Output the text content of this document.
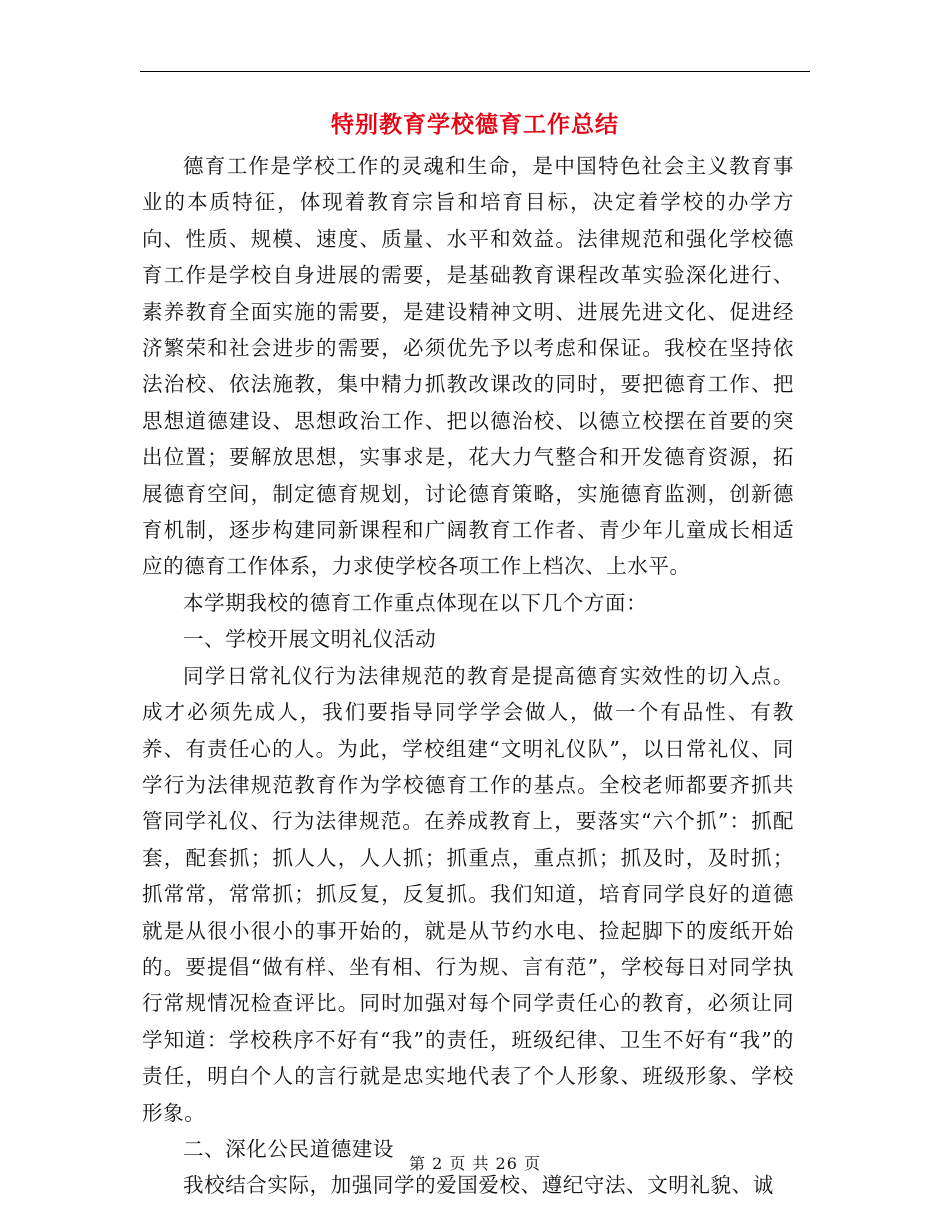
特别教育学校德育工作总结

德育工作是学校工作的灵魂和生命，是中国特色社会主义教育事业的本质特征，体现着教育宗旨和培育目标，决定着学校的办学方向、性质、规模、速度、质量、水平和效益。法律规范和强化学校德育工作是学校自身进展的需要，是基础教育课程改革实验深化进行、素养教育全面实施的需要，是建设精神文明、进展先进文化、促进经济繁荣和社会进步的需要，必须优先予以考虑和保证。我校在坚持依法治校、依法施教，集中精力抓教改课改的同时，要把德育工作、把思想道德建设、思想政治工作、把以德治校、以德立校摆在首要的突出位置；要解放思想，实事求是，花大力气整合和开发德育资源，拓展德育空间，制定德育规划，讨论德育策略，实施德育监测，创新德育机制，逐步构建同新课程和广阔教育工作者、青少年儿童成长相适应的德育工作体系，力求使学校各项工作上档次、上水平。

本学期我校的德育工作重点体现在以下几个方面：

一、学校开展文明礼仪活动

同学日常礼仪行为法律规范的教育是提高德育实效性的切入点。成才必须先成人，我们要指导同学学会做人，做一个有品性、有教养、有责任心的人。为此，学校组建“文明礼仪队”，以日常礼仪、同学行为法律规范教育作为学校德育工作的基点。全校老师都要齐抓共管同学礼仪、行为法律规范。在养成教育上，要落实“六个抓”：抓配套，配套抓；抓人人，人人抓；抓重点，重点抓；抓及时，及时抓；抓常常，常常抓；抓反复，反复抓。我们知道，培育同学良好的道德就是从很小很小的事开始的，就是从节约水电、捡起脚下的废纸开始的。要提倡“做有样、坐有相、行为规、言有范”，学校每日对同学执行常规情况检查评比。同时加强对每个同学责任心的教育，必须让同学知道：学校秩序不好有“我”的责任，班级纪律、卫生不好有“我”的责任，明白个人的言行就是忠实地代表了个人形象、班级形象、学校形象。

二、深化公民道德建设

我校结合实际，加强同学的爱国爱校、遵纪守法、文明礼貌、诚

第 2 页 共 26 页
